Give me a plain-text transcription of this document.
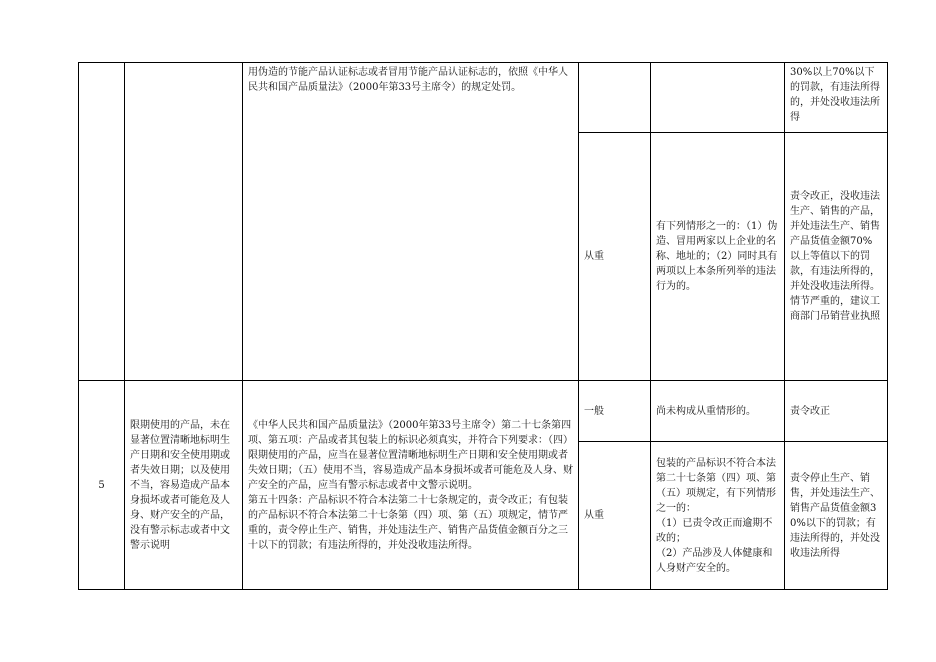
		用伪造的节能产品认证标志或者冒用节能产品认证标志的，依照《中华人民共和国产品质量法》（2000年第33号主席令）的规定处罚。			30%以上70%以下的罚款，有违法所得的，并处没收违法所得

			从重	有下列情形之一的：（1）伪造、冒用两家以上企业的名称、地址的；（2）同时具有两项以上本条所列举的违法行为的。	责令改正，没收违法生产、销售的产品，并处违法生产、销售产品货值金额70%以上等值以下的罚款，有违法所得的，并处没收违法所得。情节严重的，建议工商部门吊销营业执照

5	限期使用的产品，未在显著位置清晰地标明生产日期和安全使用期或者失效日期；以及使用不当，容易造成产品本身损坏或者可能危及人身、财产安全的产品，没有警示标志或者中文警示说明	《中华人民共和国产品质量法》（2000年第33号主席令）第二十七条第四项、第五项：产品或者其包装上的标识必须真实，并符合下列要求：（四）限期使用的产品，应当在显著位置清晰地标明生产日期和安全使用期或者失效日期；（五）使用不当，容易造成产品本身损坏或者可能危及人身、财产安全的产品，应当有警示标志或者中文警示说明。
第五十四条：产品标识不符合本法第二十七条规定的，责令改正；有包装的产品标识不符合本法第二十七条第（四）项、第（五）项规定，情节严重的，责令停止生产、销售，并处违法生产、销售产品货值金额百分之三十以下的罚款；有违法所得的，并处没收违法所得。	一般	尚未构成从重情形的。	责令改正

			从重	包装的产品标识不符合本法第二十七条第（四）项、第（五）项规定，有下列情形之一的：
（1）已责令改正而逾期不改的；
（2）产品涉及人体健康和人身财产安全的。	责令停止生产、销售，并处违法生产、销售产品货值金额30%以下的罚款；有违法所得的，并处没收违法所得
